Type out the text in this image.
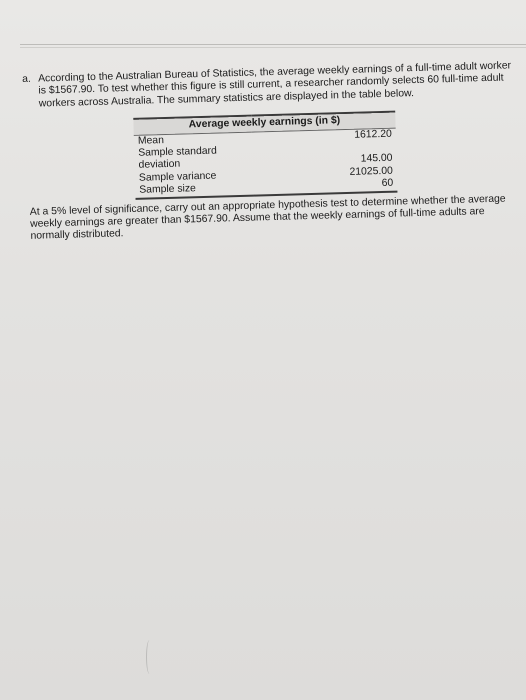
a. According to the Australian Bureau of Statistics, the average weekly earnings of a full-time adult worker is $1567.90. To test whether this figure is still current, a researcher randomly selects 60 full-time adult workers across Australia. The summary statistics are displayed in the table below.
Average weekly earnings (in $)	
Mean	1612.20
Sample standard deviation	145.00
Sample variance	21025.00
Sample size	60
At a 5% level of significance, carry out an appropriate hypothesis test to determine whether the average weekly earnings are greater than $1567.90. Assume that the weekly earnings of full-time adults are normally distributed.
